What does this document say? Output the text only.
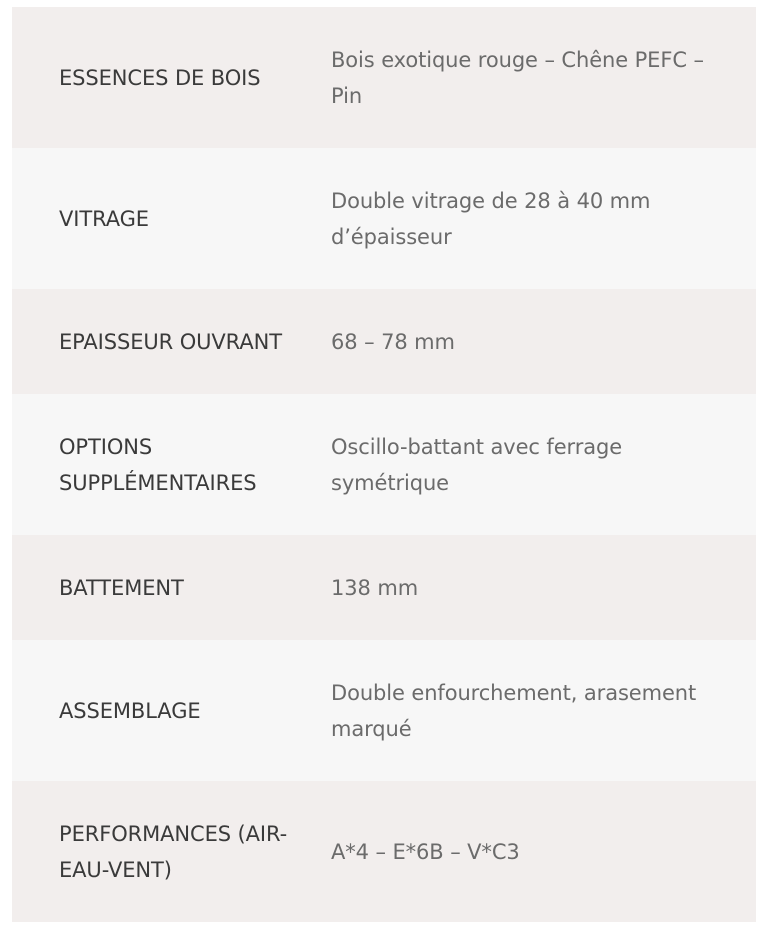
ESSENCES DE BOIS
Bois exotique rouge – Chêne PEFC – Pin
VITRAGE
Double vitrage de 28 à 40 mm d’épaisseur
EPAISSEUR OUVRANT	68 – 78 mm
OPTIONS SUPPLÉMENTAIRES
Oscillo-battant avec ferrage symétrique
BATTEMENT	138 mm
ASSEMBLAGE
Double enfourchement, arasement marqué
PERFORMANCES (AIR-EAU-VENT)
A*4 – E*6B – V*C3
